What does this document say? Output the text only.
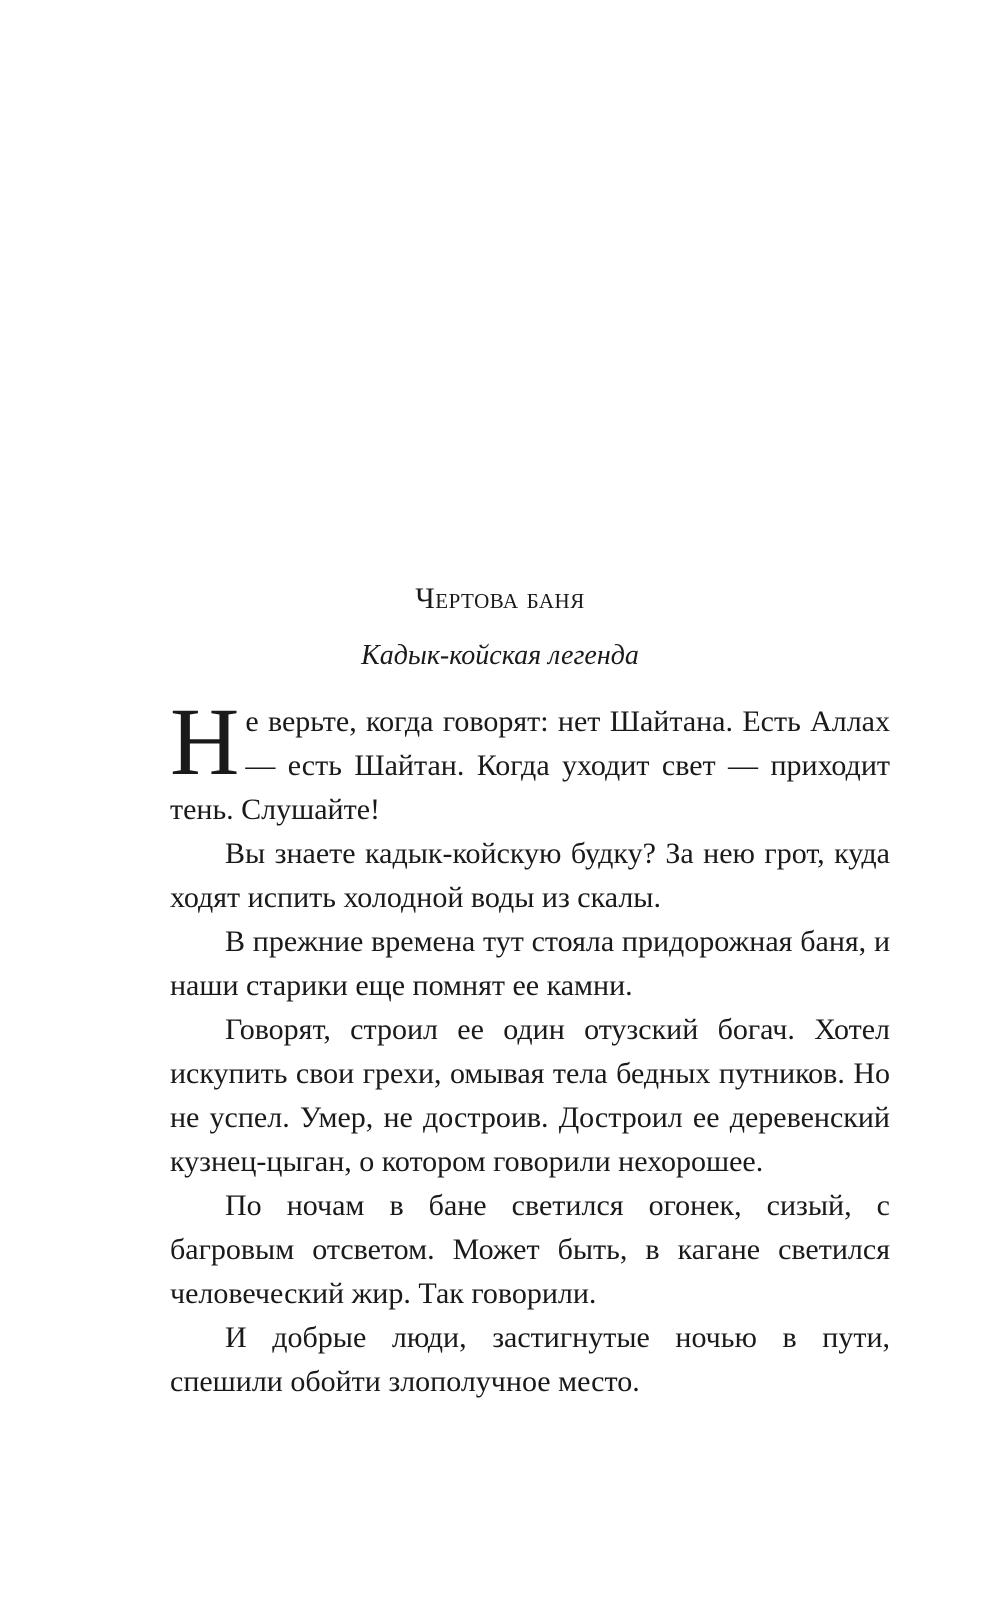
Чертова баня
Кадык-койская легенда

Не верьте, когда говорят: нет Шайтана. Есть Аллах — есть Шайтан. Когда уходит свет — приходит тень. Слушайте!

Вы знаете кадык-койскую будку? За нею грот, куда ходят испить холодной воды из скалы.

В прежние времена тут стояла придорожная баня, и наши старики еще помнят ее камни.

Говорят, строил ее один отузский богач. Хотел искупить свои грехи, омывая тела бедных путников. Но не успел. Умер, не достроив. Достроил ее деревенский кузнец-цыган, о котором говорили нехорошее.

По ночам в бане светился огонек, сизый, с багровым отсветом. Может быть, в кагане светился человеческий жир. Так говорили.

И добрые люди, застигнутые ночью в пути, спешили обойти злополучное место.
